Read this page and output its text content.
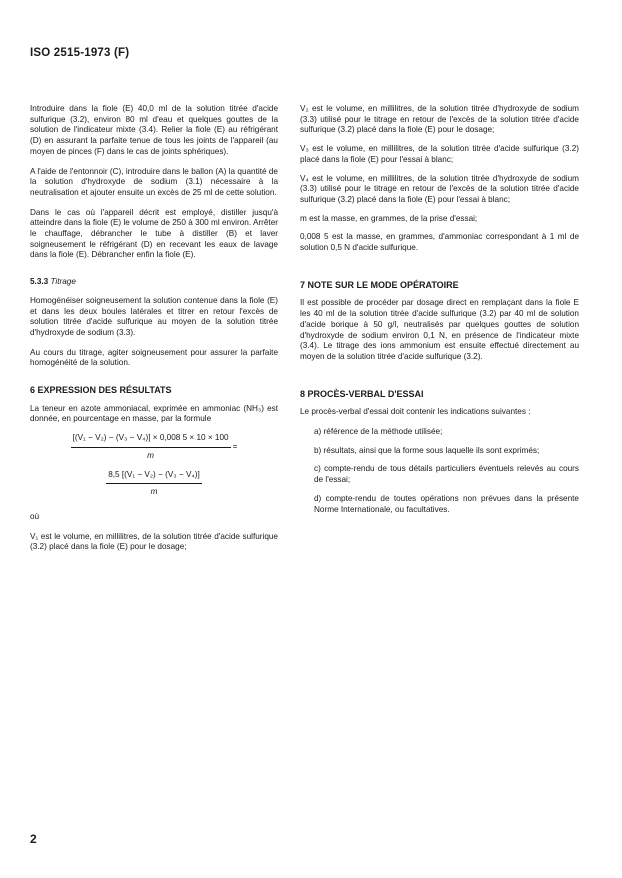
ISO 2515-1973 (F)

Introduire dans la fiole (E) 40,0 ml de la solution titrée d'acide sulfurique (3.2), environ 80 ml d'eau et quelques gouttes de la solution de l'indicateur mixte (3.4). Relier la fiole (E) au réfrigérant (D) en assurant la parfaite tenue de tous les joints de l'appareil (au moyen de pinces (F) dans le cas de joints sphériques).

A l'aide de l'entonnoir (C), introduire dans le ballon (A) la quantité de la solution d'hydroxyde de sodium (3.1) nécessaire à la neutralisation et ajouter ensuite un excès de 25 ml de cette solution.

Dans le cas où l'appareil décrit est employé, distiller jusqu'à atteindre dans la fiole (E) le volume de 250 à 300 ml environ. Arrêter le chauffage, débrancher le tube à distiller (B) et laver soigneusement le réfrigérant (D) en recevant les eaux de lavage dans la fiole (E). Débrancher enfin la fiole (E).

5.3.3 Titrage

Homogénéiser soigneusement la solution contenue dans la fiole (E) et dans les deux boules latérales et titrer en retour l'excès de solution titrée d'acide sulfurique au moyen de la solution titrée d'hydroxyde de sodium (3.3).

Au cours du titrage, agiter soigneusement pour assurer la parfaite homogénéité de la solution.

6 EXPRESSION DES RÉSULTATS

La teneur en azote ammoniacal, exprimée en ammoniac (NH₃) est donnée, en pourcentage en masse, par la formule

$\frac{\text{[(V₁ − V₂) − (V₃ − V₄)] × 0,008 5 × 10 × 100}}{m}$ =
$\frac{\text{8,5 [(V₁ − V₂) − (V₃ − V₄)]}}{m}$

où

V₁ est le volume, en millilitres, de la solution titrée d'acide sulfurique (3.2) placé dans la fiole (E) pour le dosage;

V₂ est le volume, en millilitres, de la solution titrée d'hydroxyde de sodium (3.3) utilisé pour le titrage en retour de l'excès de la solution titrée d'acide sulfurique (3.2) placé dans la fiole (E) pour le dosage;

V₃ est le volume, en millilitres, de la solution titrée d'acide sulfurique (3.2) placé dans la fiole (E) pour l'essai à blanc;

V₄ est le volume, en millilitres, de la solution titrée d'hydroxyde de sodium (3.3) utilisé pour le titrage en retour de l'excès de la solution titrée d'acide sulfurique (3.2) placé dans la fiole (E) pour l'essai à blanc;

m est la masse, en grammes, de la prise d'essai;

0,008 5 est la masse, en grammes, d'ammoniac correspondant à 1 ml de solution 0,5 N d'acide sulfurique.

7 NOTE SUR LE MODE OPÉRATOIRE

Il est possible de procéder par dosage direct en remplaçant dans la fiole E les 40 ml de la solution titrée d'acide sulfurique (3.2) par 40 ml de solution d'acide borique à 50 g/l, neutralisés par quelques gouttes de solution d'hydroxyde de sodium environ 0,1 N, en présence de l'indicateur mixte (3.4). Le titrage des ions ammonium est ensuite effectué directement au moyen de la solution titrée d'acide sulfurique (3.2).

8 PROCÈS-VERBAL D'ESSAI

Le procès-verbal d'essai doit contenir les indications suivantes :

a) référence de la méthode utilisée;

b) résultats, ainsi que la forme sous laquelle ils sont exprimés;

c) compte-rendu de tous détails particuliers éventuels relevés au cours de l'essai;

d) compte-rendu de toutes opérations non prévues dans la présente Norme Internationale, ou facultatives.

2
